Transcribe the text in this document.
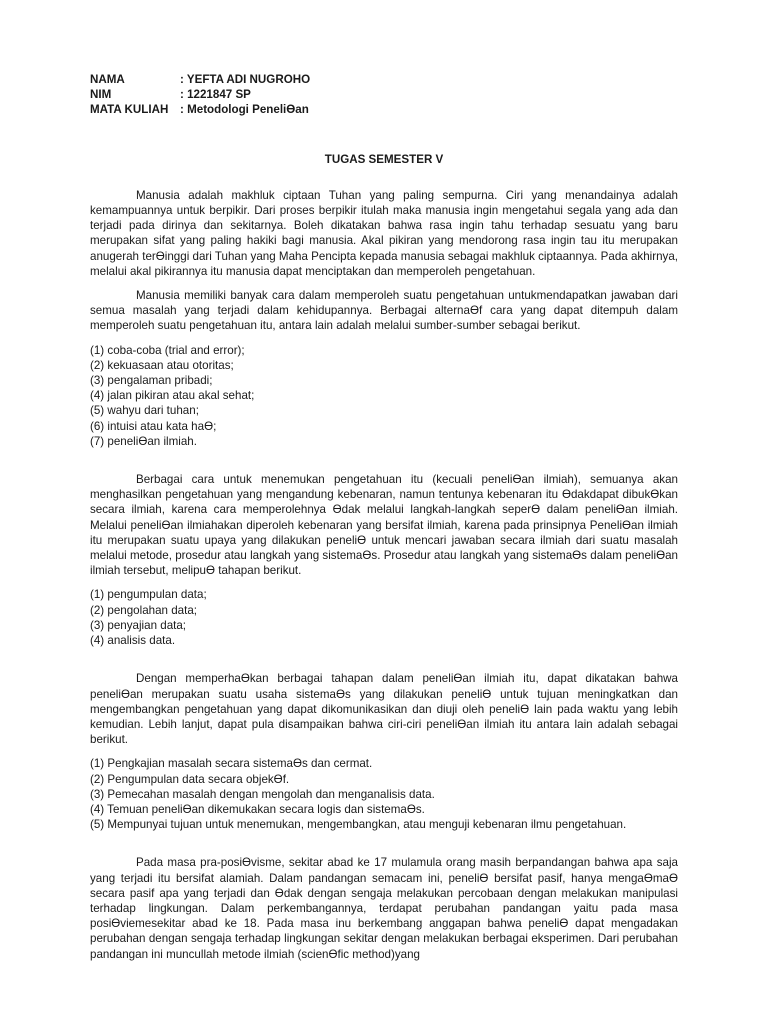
NAMA	: YEFTA ADI NUGROHO
NIM	: 1221847 SP
MATA KULIAH	: Metodologi PeneliƟan
TUGAS SEMESTER V

Manusia adalah makhluk ciptaan Tuhan yang paling sempurna. Ciri yang menandainya adalah kemampuannya untuk berpikir. Dari proses berpikir itulah maka manusia ingin mengetahui segala yang ada dan terjadi pada dirinya dan sekitarnya. Boleh dikatakan bahwa rasa ingin tahu terhadap sesuatu yang baru merupakan sifat yang paling hakiki bagi manusia. Akal pikiran yang mendorong rasa ingin tau itu merupakan anugerah terƟinggi dari Tuhan yang Maha Pencipta kepada manusia sebagai makhluk ciptaannya. Pada akhirnya, melalui akal pikirannya itu manusia dapat menciptakan dan memperoleh pengetahuan.

Manusia memiliki banyak cara dalam memperoleh suatu pengetahuan untukmendapatkan jawaban dari semua masalah yang terjadi dalam kehidupannya. Berbagai alternaƟf cara yang dapat ditempuh dalam memperoleh suatu pengetahuan itu, antara lain adalah melalui sumber-sumber sebagai berikut.

(1) coba-coba (trial and error);
(2) kekuasaan atau otoritas;
(3) pengalaman pribadi;
(4) jalan pikiran atau akal sehat;
(5) wahyu dari tuhan;
(6) intuisi atau kata haƟ;
(7) peneliƟan ilmiah.

Berbagai cara untuk menemukan pengetahuan itu (kecuali peneliƟan ilmiah), semuanya akan menghasilkan pengetahuan yang mengandung kebenaran, namun tentunya kebenaran itu Ɵdakdapat dibukƟkan secara ilmiah, karena cara memperolehnya Ɵdak melalui langkah-langkah seperƟ dalam peneliƟan ilmiah. Melalui peneliƟan ilmiahakan diperoleh kebenaran yang bersifat ilmiah, karena pada prinsipnya PeneliƟan ilmiah itu merupakan suatu upaya yang dilakukan peneliƟ untuk mencari jawaban secara ilmiah dari suatu masalah melalui metode, prosedur atau langkah yang sistemaƟs. Prosedur atau langkah yang sistemaƟs dalam peneliƟan ilmiah tersebut, melipuƟ tahapan berikut.

(1) pengumpulan data;
(2) pengolahan data;
(3) penyajian data;
(4) analisis data.

Dengan memperhaƟkan berbagai tahapan dalam peneliƟan ilmiah itu, dapat dikatakan bahwa peneliƟan merupakan suatu usaha sistemaƟs yang dilakukan peneliƟ untuk tujuan meningkatkan dan mengembangkan pengetahuan yang dapat dikomunikasikan dan diuji oleh peneliƟ lain pada waktu yang lebih kemudian. Lebih lanjut, dapat pula disampaikan bahwa ciri-ciri peneliƟan ilmiah itu antara lain adalah sebagai berikut.

(1) Pengkajian masalah secara sistemaƟs dan cermat.
(2) Pengumpulan data secara objekƟf.
(3) Pemecahan masalah dengan mengolah dan menganalisis data.
(4) Temuan peneliƟan dikemukakan secara logis dan sistemaƟs.
(5) Mempunyai tujuan untuk menemukan, mengembangkan, atau menguji kebenaran ilmu pengetahuan.

Pada masa pra-posiƟvisme, sekitar abad ke 17 mulamula orang masih berpandangan bahwa apa saja yang terjadi itu bersifat alamiah. Dalam pandangan semacam ini, peneliƟ bersifat pasif, hanya mengaƟmaƟ secara pasif apa yang terjadi dan Ɵdak dengan sengaja melakukan percobaan dengan melakukan manipulasi terhadap lingkungan. Dalam perkembangannya, terdapat perubahan pandangan yaitu pada masa posiƟviemesekitar abad ke 18. Pada masa inu berkembang anggapan bahwa peneliƟ dapat mengadakan perubahan dengan sengaja terhadap lingkungan sekitar dengan melakukan berbagai eksperimen. Dari perubahan pandangan ini muncullah metode ilmiah (scienƟfic method)yang
